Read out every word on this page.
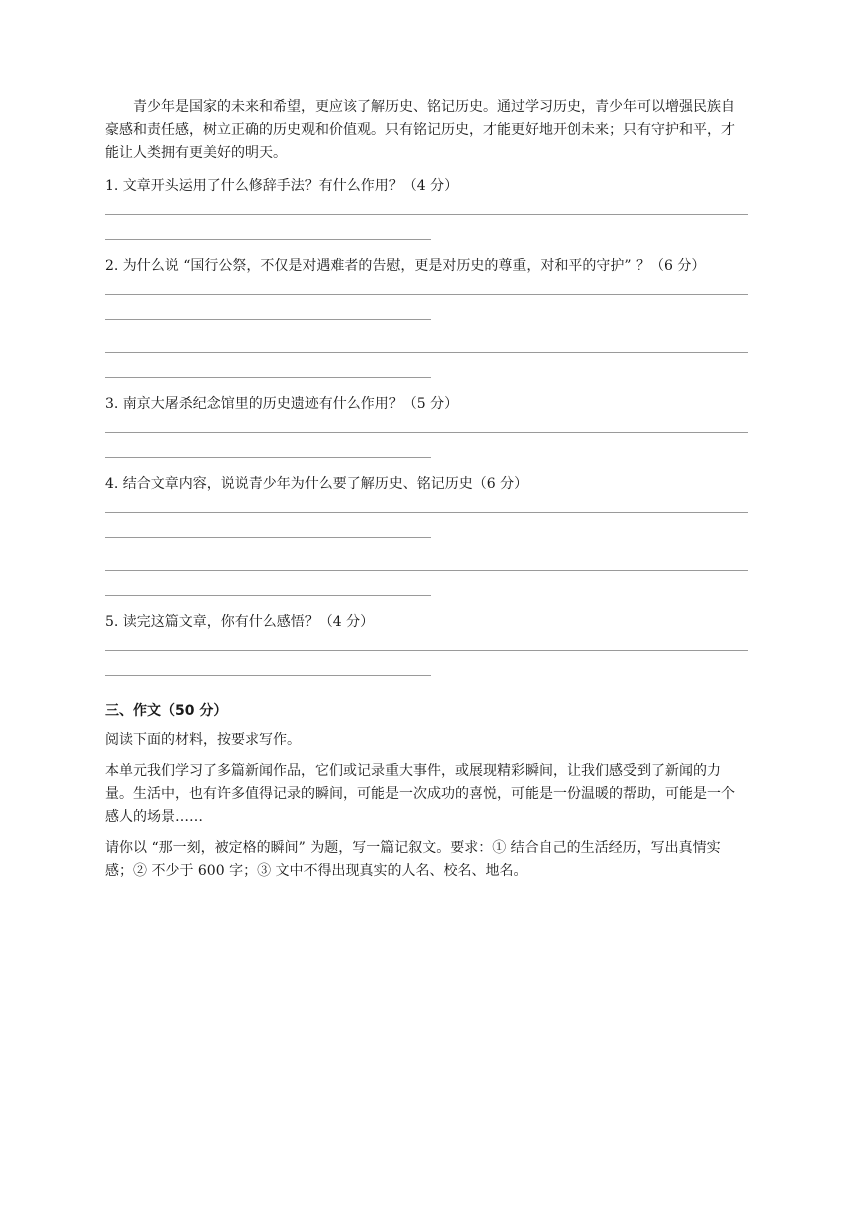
青少年是国家的未来和希望，更应该了解历史、铭记历史。通过学习历史，青少年可以增强民族自豪感和责任感，树立正确的历史观和价值观。只有铭记历史，才能更好地开创未来；只有守护和平，才能让人类拥有更美好的明天。

1. 文章开头运用了什么修辞手法？有什么作用？（4 分）

2. 为什么说 “国行公祭，不仅是对遇难者的告慰，更是对历史的尊重，对和平的守护” ？（6 分）

3. 南京大屠杀纪念馆里的历史遗迹有什么作用？（5 分）

4. 结合文章内容，说说青少年为什么要了解历史、铭记历史（6 分）

5. 读完这篇文章，你有什么感悟？（4 分）

三、作文（50 分）

阅读下面的材料，按要求写作。

本单元我们学习了多篇新闻作品，它们或记录重大事件，或展现精彩瞬间，让我们感受到了新闻的力量。生活中，也有许多值得记录的瞬间，可能是一次成功的喜悦，可能是一份温暖的帮助，可能是一个感人的场景……

请你以 “那一刻，被定格的瞬间” 为题，写一篇记叙文。要求：① 结合自己的生活经历，写出真情实感；② 不少于 600 字；③ 文中不得出现真实的人名、校名、地名。
